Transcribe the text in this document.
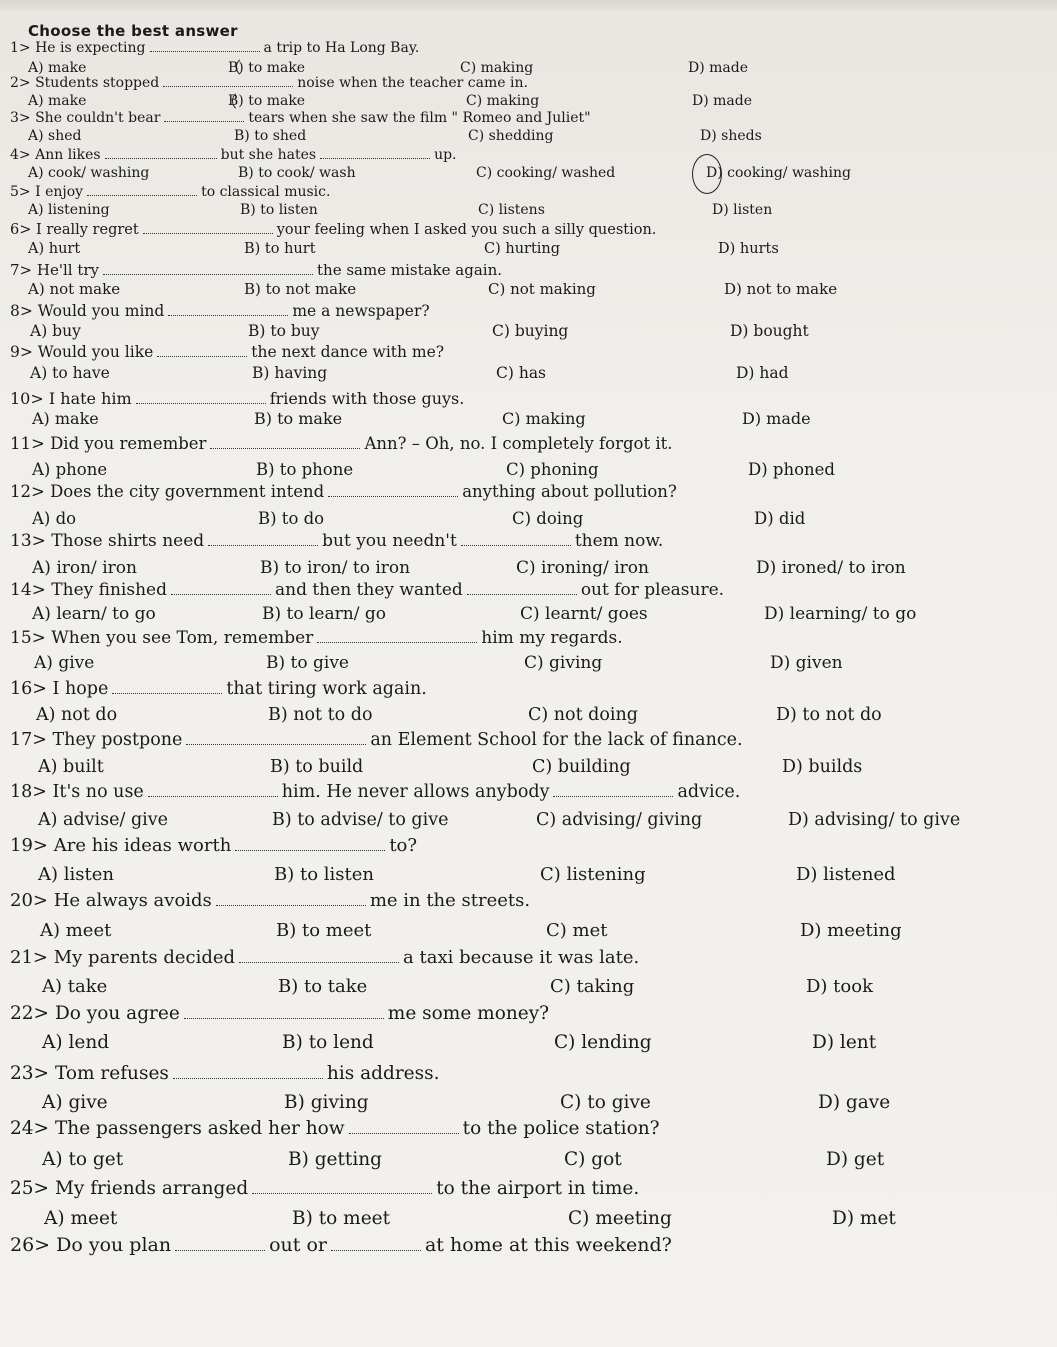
Choose the best answer
1> He is expecting	a trip to Ha Long Bay.
A) make	B) to make	C) making	D) made
2> Students stopped	noise when the teacher came in.
A) make	B) to make	C) making	D) made
3> She couldn't bear	tears when she saw the film " Romeo and Juliet"
A) shed	B) to shed	C) shedding	D) sheds
4> Ann likes	but she hates	up.
A) cook/ washing	B) to cook/ wash	C) cooking/ washed	D) cooking/ washing
5> I enjoy	to classical music.
A) listening	B) to listen	C) listens	D) listen
6> I really regret	your feeling when I asked you such a silly question.
A) hurt	B) to hurt	C) hurting	D) hurts
7> He'll try	the same mistake again.
A) not make	B) to not make	C) not making	D) not to make
8> Would you mind	me a newspaper?
A) buy	B) to buy	C) buying	D) bought
9> Would you like	the next dance with me?
A) to have	B) having	C) has	D) had
10> I hate him	friends with those guys.
A) make	B) to make	C) making	D) made
11> Did you remember	Ann? – Oh, no. I completely forgot it.
A) phone	B) to phone	C) phoning	D) phoned
12> Does the city government intend	anything about pollution?
A) do	B) to do	C) doing	D) did
13> Those shirts need	but you needn't	them now.
A) iron/ iron	B) to iron/ to iron	C) ironing/ iron	D) ironed/ to iron
14> They finished	and then they wanted	out for pleasure.
A) learn/ to go	B) to learn/ go	C) learnt/ goes	D) learning/ to go
15> When you see Tom, remember	him my regards.
A) give	B) to give	C) giving	D) given
16> I hope	that tiring work again.
A) not do	B) not to do	C) not doing	D) to not do
17> They postpone	an Element School for the lack of finance.
A) built	B) to build	C) building	D) builds
18> It's no use	him. He never allows anybody	advice.
A) advise/ give	B) to advise/ to give	C) advising/ giving	D) advising/ to give
19> Are his ideas worth	to?
A) listen	B) to listen	C) listening	D) listened
20> He always avoids	me in the streets.
A) meet	B) to meet	C) met	D) meeting
21> My parents decided	a taxi because it was late.
A) take	B) to take	C) taking	D) took
22> Do you agree	me some money?
A) lend	B) to lend	C) lending	D) lent
23> Tom refuses	his address.
A) give	B) giving	C) to give	D) gave
24> The passengers asked her how	to the police station?
A) to get	B) getting	C) got	D) get
25> My friends arranged	to the airport in time.
A) meet	B) to meet	C) meeting	D) met
26> Do you plan	out or	at home at this weekend?
